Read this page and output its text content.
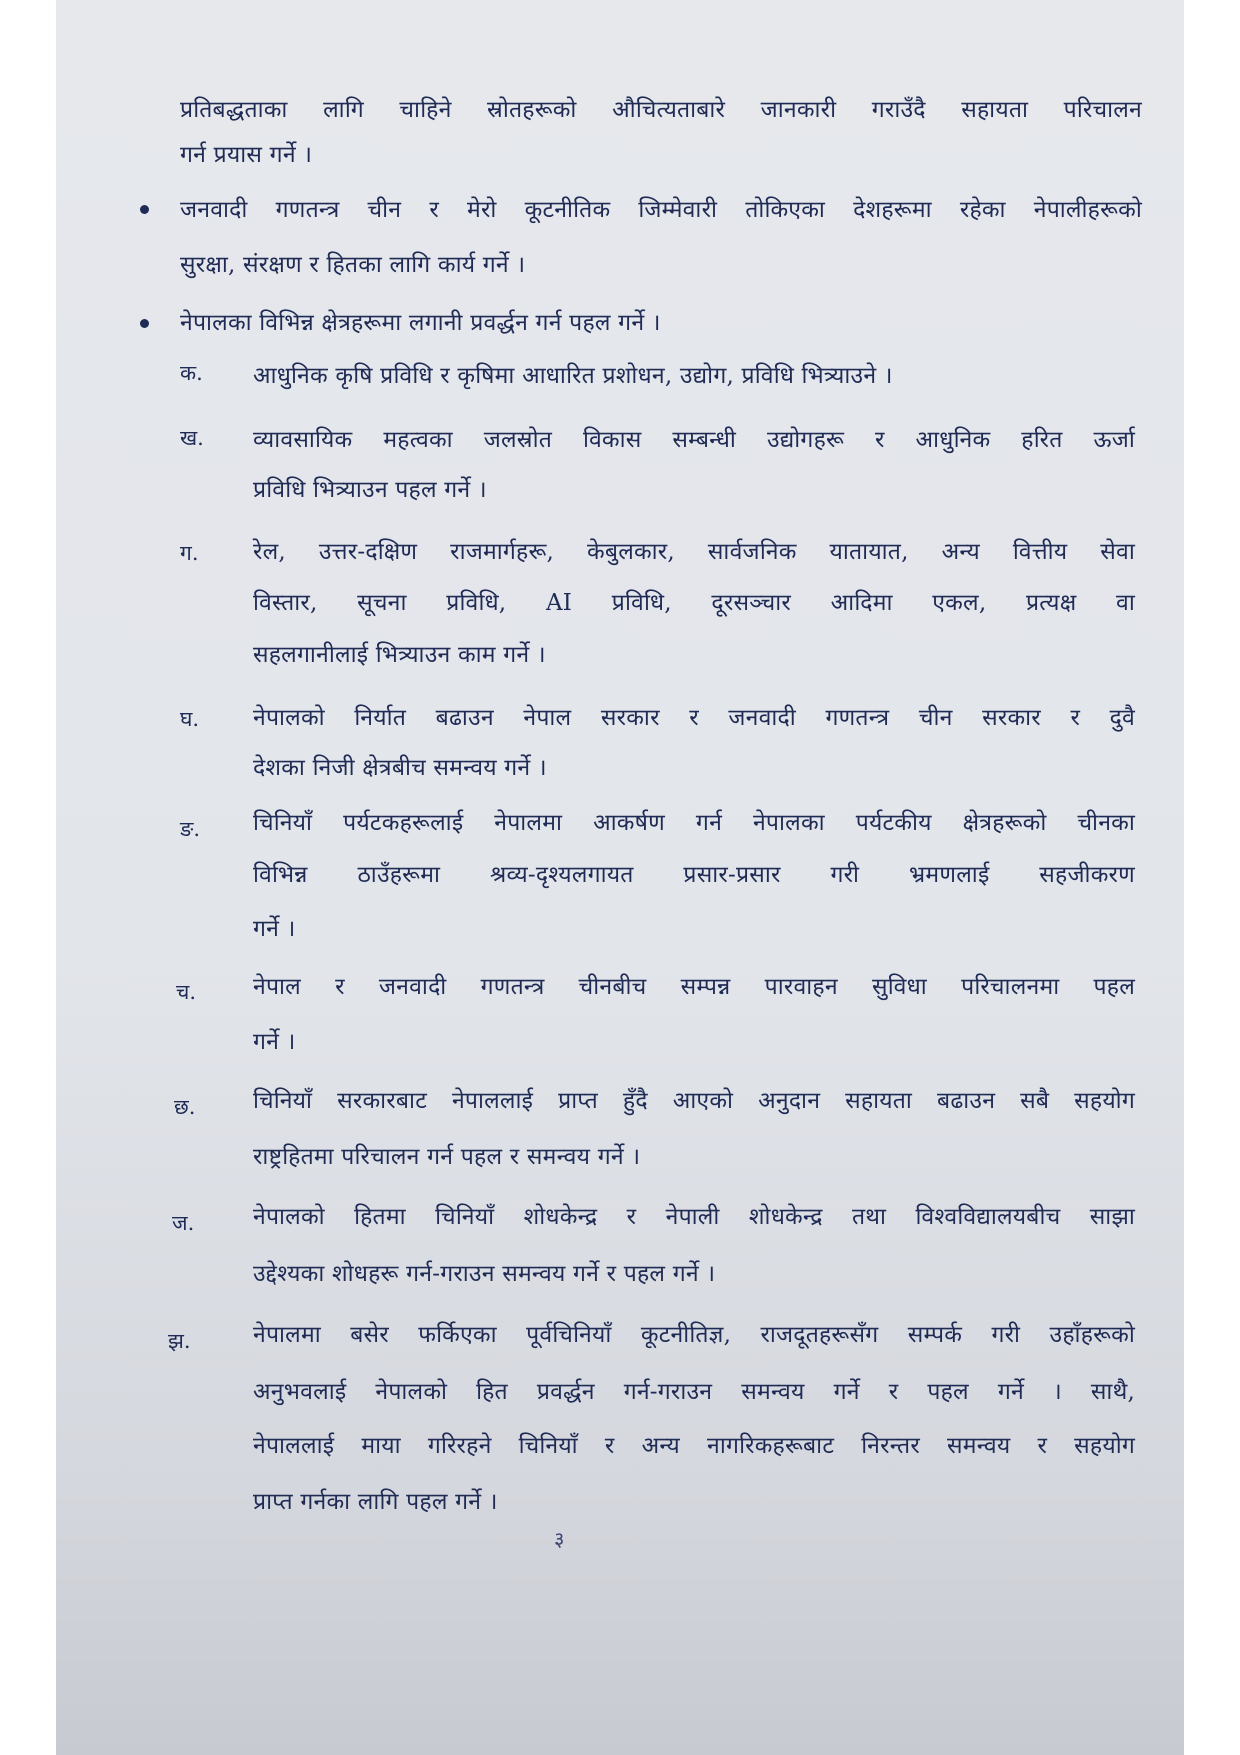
प्रतिबद्धताका लागि चाहिने स्रोतहरूको औचित्यताबारे जानकारी गराउँदै सहायता परिचालन
गर्न प्रयास गर्ने ।
जनवादी गणतन्त्र चीन र मेरो कूटनीतिक जिम्मेवारी तोकिएका देशहरूमा रहेका नेपालीहरूको
सुरक्षा, संरक्षण र हितका लागि कार्य गर्ने ।
नेपालका विभिन्न क्षेत्रहरूमा लगानी प्रवर्द्धन गर्न पहल गर्ने ।
क. आधुनिक कृषि प्रविधि र कृषिमा आधारित प्रशोधन, उद्योग, प्रविधि भित्र्याउने ।
ख. व्यावसायिक महत्वका जलस्रोत विकास सम्बन्धी उद्योगहरू र आधुनिक हरित ऊर्जा
प्रविधि भित्र्याउन पहल गर्ने ।
ग. रेल, उत्तर-दक्षिण राजमार्गहरू, केबुलकार, सार्वजनिक यातायात, अन्य वित्तीय सेवा
विस्तार, सूचना प्रविधि, AI प्रविधि, दूरसञ्चार आदिमा एकल, प्रत्यक्ष वा
सहलगानीलाई भित्र्याउन काम गर्ने ।
घ. नेपालको निर्यात बढाउन नेपाल सरकार र जनवादी गणतन्त्र चीन सरकार र दुवै
देशका निजी क्षेत्रबीच समन्वय गर्ने ।
ङ. चिनियाँ पर्यटकहरूलाई नेपालमा आकर्षण गर्न नेपालका पर्यटकीय क्षेत्रहरूको चीनका
विभिन्न ठाउँहरूमा श्रव्य-दृश्यलगायत प्रसार-प्रसार गरी भ्रमणलाई सहजीकरण
गर्ने ।
च. नेपाल र जनवादी गणतन्त्र चीनबीच सम्पन्न पारवाहन सुविधा परिचालनमा पहल
गर्ने ।
छ.	चिनियाँ सरकारबाट नेपाललाई प्राप्त हुँदै आएको अनुदान सहायता बढाउन सबै सहयोग
राष्ट्रहितमा परिचालन गर्न पहल र समन्वय गर्ने ।
ज.	नेपालको हितमा चिनियाँ शोधकेन्द्र र नेपाली शोधकेन्द्र तथा विश्वविद्यालयबीच साझा
उद्देश्यका शोधहरू गर्न-गराउन समन्वय गर्ने र पहल गर्ने ।
झ.	नेपालमा बसेर फर्किएका पूर्वचिनियाँ कूटनीतिज्ञ, राजदूतहरूसँग सम्पर्क गरी उहाँहरूको
अनुभवलाई नेपालको हित प्रवर्द्धन गर्न-गराउन समन्वय गर्ने र पहल गर्ने । साथै,
नेपाललाई माया गरिरहने चिनियाँ र अन्य नागरिकहरूबाट निरन्तर समन्वय र सहयोग
प्राप्त गर्नका लागि पहल गर्ने ।
३
